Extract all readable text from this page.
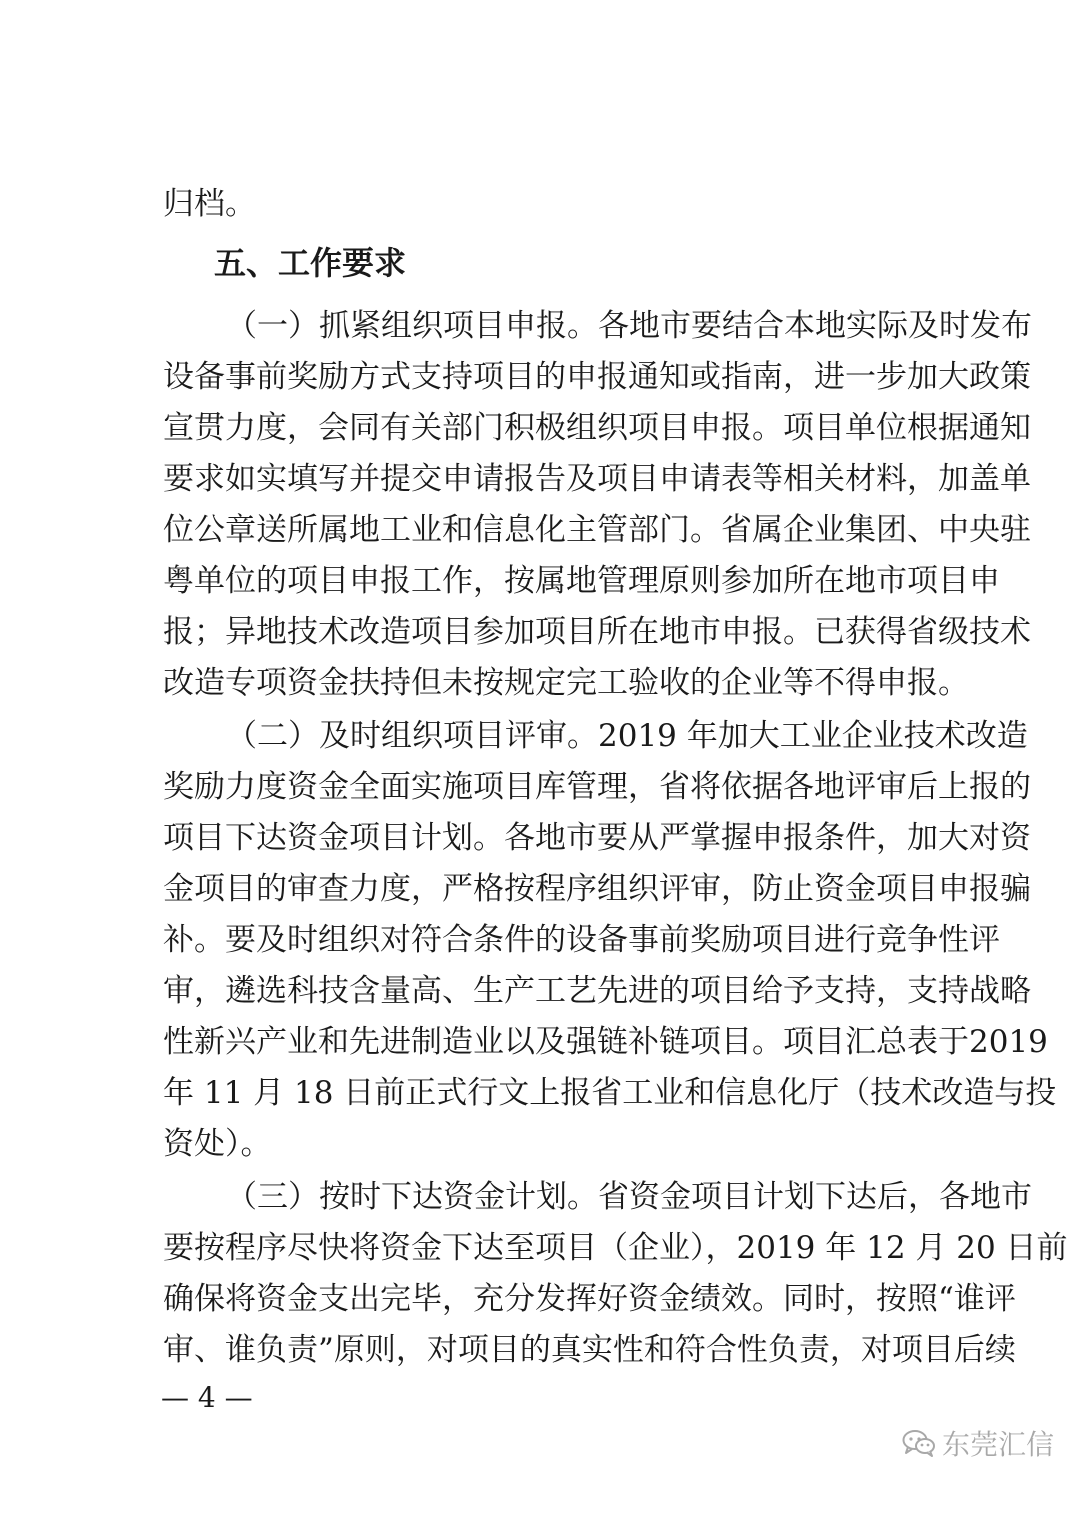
归档。
五、工作要求
（一）抓紧组织项目申报。各地市要结合本地实际及时发布
设备事前奖励方式支持项目的申报通知或指南，进一步加大政策
宣贯力度，会同有关部门积极组织项目申报。项目单位根据通知
要求如实填写并提交申请报告及项目申请表等相关材料，加盖单
位公章送所属地工业和信息化主管部门。省属企业集团、中央驻
粤单位的项目申报工作，按属地管理原则参加所在地市项目申
报；异地技术改造项目参加项目所在地市申报。已获得省级技术
改造专项资金扶持但未按规定完工验收的企业等不得申报。
（二）及时组织项目评审。2019 年加大工业企业技术改造
奖励力度资金全面实施项目库管理，省将依据各地评审后上报的
项目下达资金项目计划。各地市要从严掌握申报条件，加大对资
金项目的审查力度，严格按程序组织评审，防止资金项目申报骗
补。要及时组织对符合条件的设备事前奖励项目进行竞争性评
审，遴选科技含量高、生产工艺先进的项目给予支持，支持战略
性新兴产业和先进制造业以及强链补链项目。项目汇总表于2019
年 11 月 18 日前正式行文上报省工业和信息化厅（技术改造与投
资处）。
（三）按时下达资金计划。省资金项目计划下达后，各地市
要按程序尽快将资金下达至项目（企业），2019 年 12 月 20 日前
确保将资金支出完毕，充分发挥好资金绩效。同时，按照“谁评
审、谁负责”原则，对项目的真实性和符合性负责，对项目后续
— 4 —
东莞汇信
